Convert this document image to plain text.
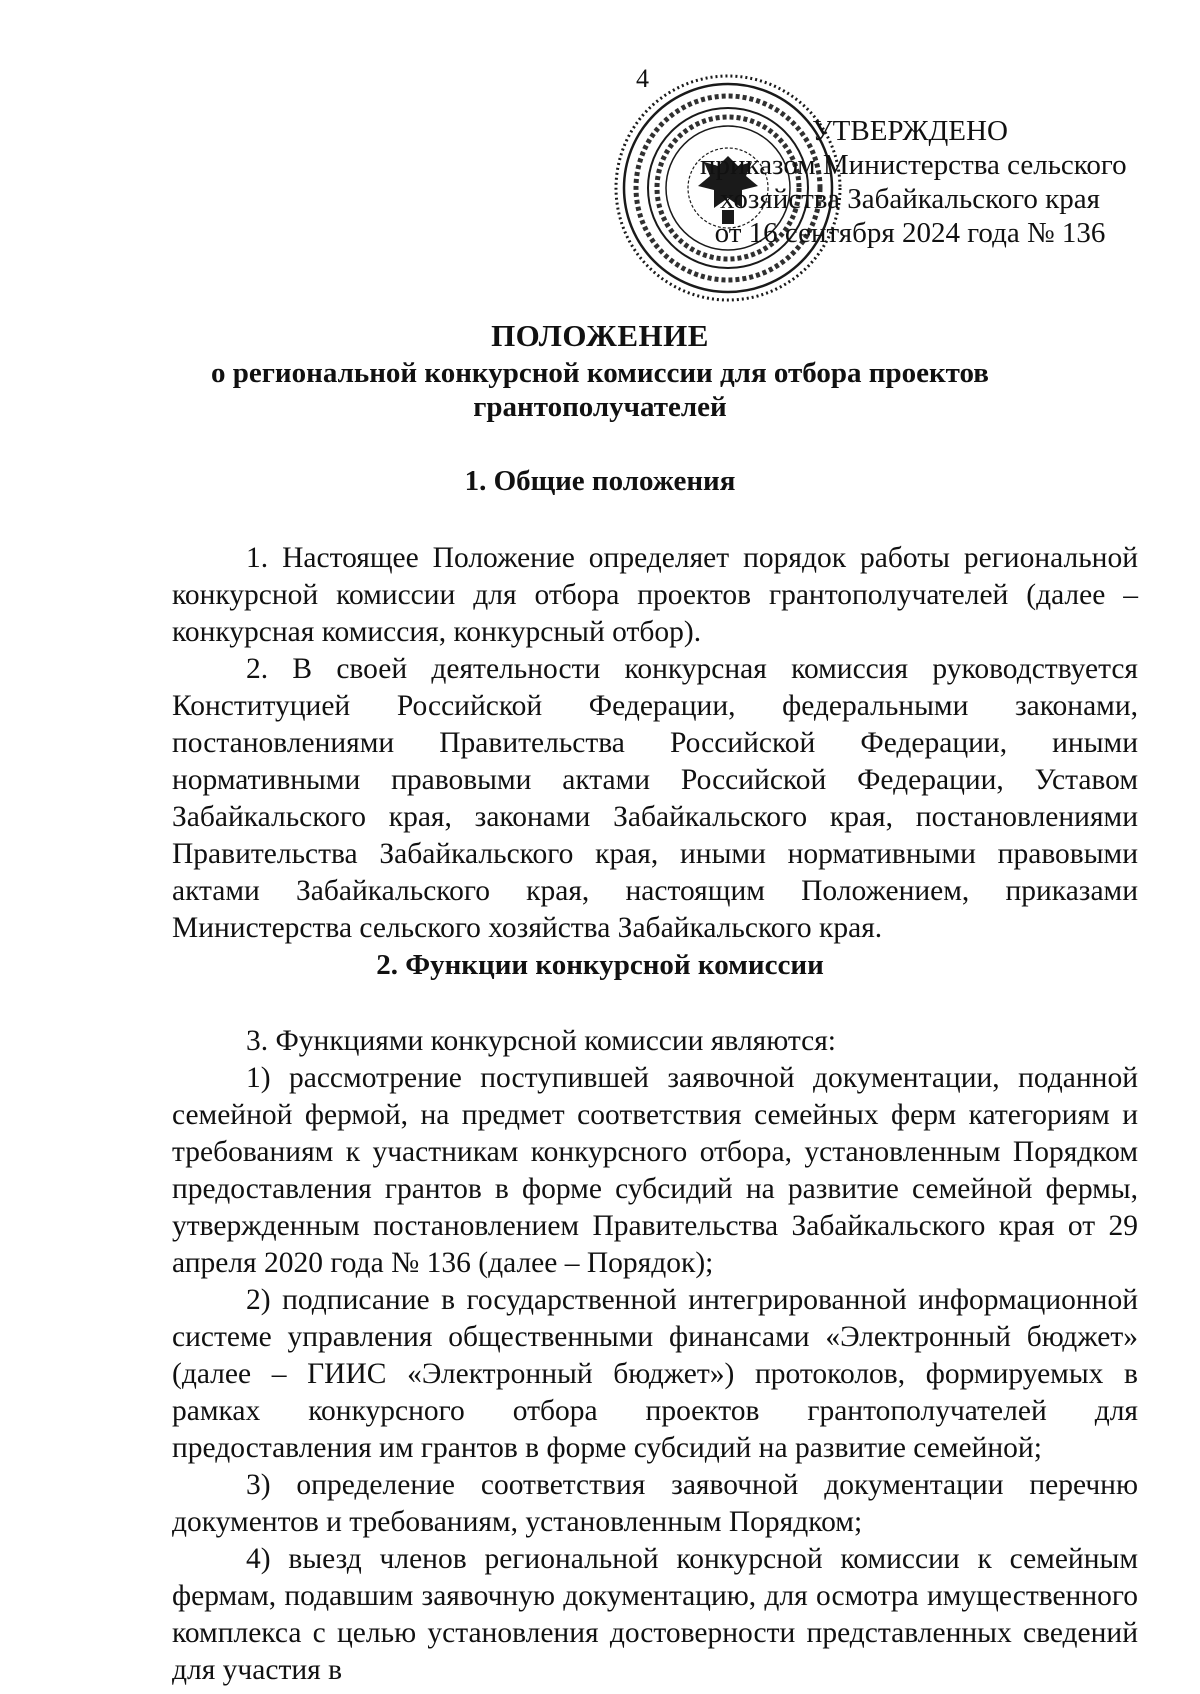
4
УТВЕРЖДЕНО
приказом Министерства сельского
хозяйства Забайкальского края
от 16 сентября 2024 года № 136
ПОЛОЖЕНИЕ
о региональной конкурсной комиссии для отбора проектов грантополучателей
1. Общие положения

1. Настоящее Положение определяет порядок работы региональной конкурсной комиссии для отбора проектов грантополучателей (далее – конкурсная комиссия, конкурсный отбор).

2. В своей деятельности конкурсная комиссия руководствуется Конституцией Российской Федерации, федеральными законами, постановлениями Правительства Российской Федерации, иными нормативными правовыми актами Российской Федерации, Уставом Забайкальского края, законами Забайкальского края, постановлениями Правительства Забайкальского края, иными нормативными правовыми актами Забайкальского края, настоящим Положением, приказами Министерства сельского хозяйства Забайкальского края.

2. Функции конкурсной комиссии

3. Функциями конкурсной комиссии являются:

1) рассмотрение поступившей заявочной документации, поданной семейной фермой, на предмет соответствия семейных ферм категориям и требованиям к участникам конкурсного отбора, установленным Порядком предоставления грантов в форме субсидий на развитие семейной фермы, утвержденным постановлением Правительства Забайкальского края от 29 апреля 2020 года № 136 (далее – Порядок);

2) подписание в государственной интегрированной информационной системе управления общественными финансами «Электронный бюджет» (далее – ГИИС «Электронный бюджет») протоколов, формируемых в рамках конкурсного отбора проектов грантополучателей для предоставления им грантов в форме субсидий на развитие семейной;

3) определение соответствия заявочной документации перечню документов и требованиям, установленным Порядком;

4) выезд членов региональной конкурсной комиссии к семейным фермам, подавшим заявочную документацию, для осмотра имущественного комплекса с целью установления достоверности представленных сведений для участия в
